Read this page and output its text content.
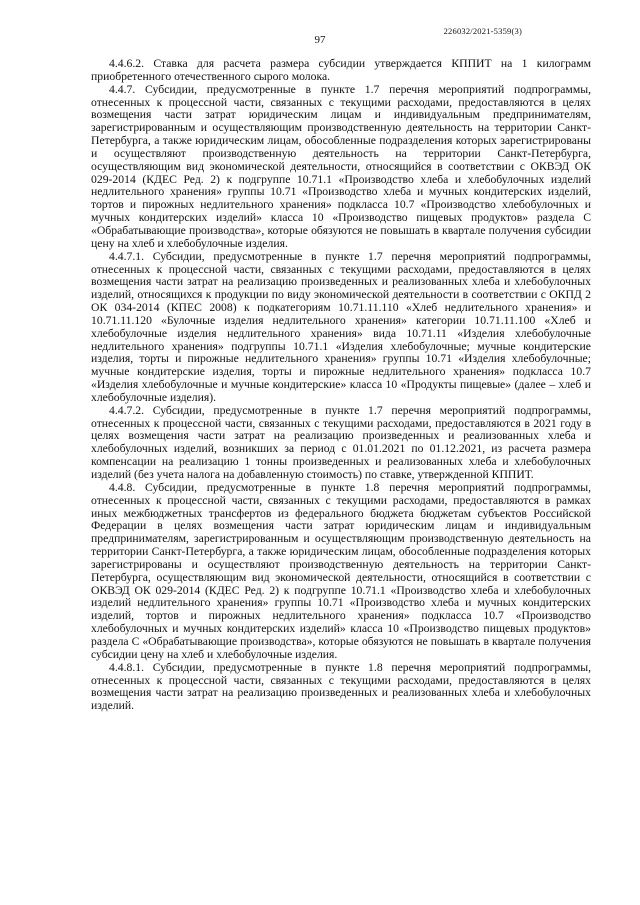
226032/2021-5359(3)
97

4.4.6.2. Ставка для расчета размера субсидии утверждается КППИТ на 1 килограмм приобретенного отечественного сырого молока.

4.4.7. Субсидии, предусмотренные в пункте 1.7 перечня мероприятий подпрограммы, отнесенных к процессной части, связанных с текущими расходами, предоставляются в целях возмещения части затрат юридическим лицам и индивидуальным предпринимателям, зарегистрированным и осуществляющим производственную деятельность на территории Санкт-Петербурга, а также юридическим лицам, обособленные подразделения которых зарегистрированы и осуществляют производственную деятельность на территории Санкт-Петербурга, осуществляющим вид экономической деятельности, относящийся в соответствии с ОКВЭД ОК 029-2014 (КДЕС Ред. 2) к подгруппе 10.71.1 «Производство хлеба и хлебобулочных изделий недлительного хранения» группы 10.71 «Производство хлеба и мучных кондитерских изделий, тортов и пирожных недлительного хранения» подкласса 10.7 «Производство хлебобулочных и мучных кондитерских изделий» класса 10 «Производство пищевых продуктов» раздела С «Обрабатывающие производства», которые обязуются не повышать в квартале получения субсидии цену на хлеб и хлебобулочные изделия.

4.4.7.1. Субсидии, предусмотренные в пункте 1.7 перечня мероприятий подпрограммы, отнесенных к процессной части, связанных с текущими расходами, предоставляются в целях возмещения части затрат на реализацию произведенных и реализованных хлеба и хлебобулочных изделий, относящихся к продукции по виду экономической деятельности в соответствии с ОКПД 2 ОК 034-2014 (КПЕС 2008) к подкатегориям 10.71.11.110 «Хлеб недлительного хранения» и 10.71.11.120 «Булочные изделия недлительного хранения» категории 10.71.11.100 «Хлеб и хлебобулочные изделия недлительного хранения» вида 10.71.11 «Изделия хлебобулочные недлительного хранения» подгруппы 10.71.1 «Изделия хлебобулочные; мучные кондитерские изделия, торты и пирожные недлительного хранения» группы 10.71 «Изделия хлебобулочные; мучные кондитерские изделия, торты и пирожные недлительного хранения» подкласса 10.7 «Изделия хлебобулочные и мучные кондитерские» класса 10 «Продукты пищевые» (далее – хлеб и хлебобулочные изделия).

4.4.7.2. Субсидии, предусмотренные в пункте 1.7 перечня мероприятий подпрограммы, отнесенных к процессной части, связанных с текущими расходами, предоставляются в 2021 году в целях возмещения части затрат на реализацию произведенных и реализованных хлеба и хлебобулочных изделий, возникших за период с 01.01.2021 по 01.12.2021, из расчета размера компенсации на реализацию 1 тонны произведенных и реализованных хлеба и хлебобулочных изделий (без учета налога на добавленную стоимость) по ставке, утвержденной КППИТ.

4.4.8. Субсидии, предусмотренные в пункте 1.8 перечня мероприятий подпрограммы, отнесенных к процессной части, связанных с текущими расходами, предоставляются в рамках иных межбюджетных трансфертов из федерального бюджета бюджетам субъектов Российской Федерации в целях возмещения части затрат юридическим лицам и индивидуальным предпринимателям, зарегистрированным и осуществляющим производственную деятельность на территории Санкт-Петербурга, а также юридическим лицам, обособленные подразделения которых зарегистрированы и осуществляют производственную деятельность на территории Санкт-Петербурга, осуществляющим вид экономической деятельности, относящийся в соответствии с ОКВЭД ОК 029-2014 (КДЕС Ред. 2) к подгруппе 10.71.1 «Производство хлеба и хлебобулочных изделий недлительного хранения» группы 10.71 «Производство хлеба и мучных кондитерских изделий, тортов и пирожных недлительного хранения» подкласса 10.7 «Производство хлебобулочных и мучных кондитерских изделий» класса 10 «Производство пищевых продуктов» раздела С «Обрабатывающие производства», которые обязуются не повышать в квартале получения субсидии цену на хлеб и хлебобулочные изделия.

4.4.8.1. Субсидии, предусмотренные в пункте 1.8 перечня мероприятий подпрограммы, отнесенных к процессной части, связанных с текущими расходами, предоставляются в целях возмещения части затрат на реализацию произведенных и реализованных хлеба и хлебобулочных изделий.
